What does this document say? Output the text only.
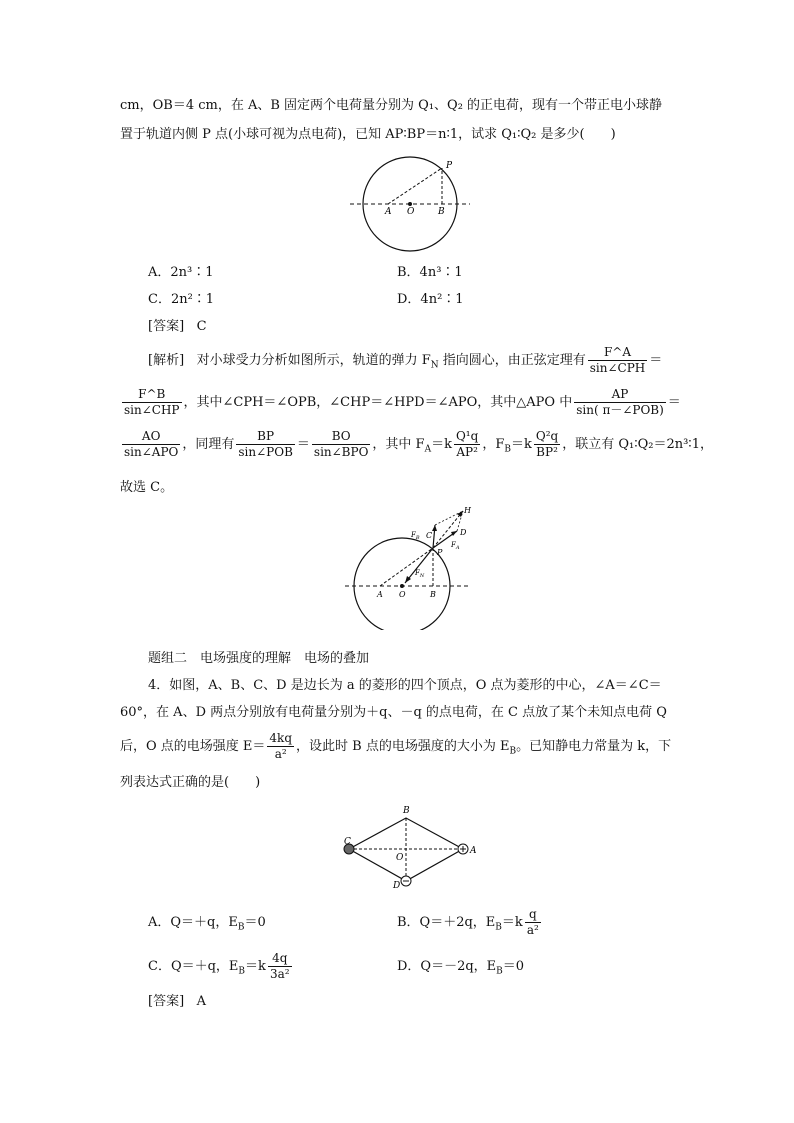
cm，OB＝4 cm，在 A、B 固定两个电荷量分别为 Q₁、Q₂ 的正电荷，现有一个带正电小球静
置于轨道内侧 P 点(小球可视为点电荷)，已知 AP∶BP＝n∶1，试求 Q₁∶Q₂ 是多少(　　)
P
A O	B
A．2n³∶1	B．4n³∶1
C．2n²∶1	D．4n²∶1
[答案] C
[解析] 对小球受力分析如图所示，轨道的弹力 $F_N$ 指向圆心，由正弦定理有 $\frac{F\^{}A}{\text{sin∠CPH}}$ ＝
$\frac{F\^{}B}{\text{sin∠CHP}}$ ，其中∠CPH＝∠OPB，∠CHP＝∠HPD＝∠APO，其中△APO 中 $\frac{AP}{\text{sin( π－∠POB)}}$ ＝
$\frac{AO}{\text{sin∠APO}}$ ，同理有 $\frac{BP}{\text{sin∠POB}} = \frac{BO}{\text{sin∠BPO}}$ ，其中 $F_A=k \frac{\text{Q¹q}}{\text{AP²}}$ ，$F_B=k \frac{\text{Q²q}}{\text{BP²}}$ ，联立有 Q₁∶Q₂＝2n³∶1，
故选 C。
H
D
$F_B$ C
$F_A$
P
$F_N$
A O	B
题组二　电场强度的理解　电场的叠加
4．如图，A、B、C、D 是边长为 a 的菱形的四个顶点，O 点为菱形的中心，∠A＝∠C＝
60°，在 A、D 两点分别放有电荷量分别为＋q、－q 的点电荷，在 C 点放了某个未知点电荷 Q
后，O 点的电场强度 $E= \frac{4kq}{\text{a²}}$ ，设此时 B 点的电场强度的大小为 $E_B$。已知静电力常量为 k，下
列表达式正确的是(　　)
B
C
O
A
D
A．Q＝＋q，$E_B=0$	B．Q＝＋2q，$E_B=k \frac{q}{\text{a²}}$
C．Q＝＋q，$E_B=k \frac{4q}{\text{3a²}}$	D．Q＝－2q，$E_B=0$
[答案] A
